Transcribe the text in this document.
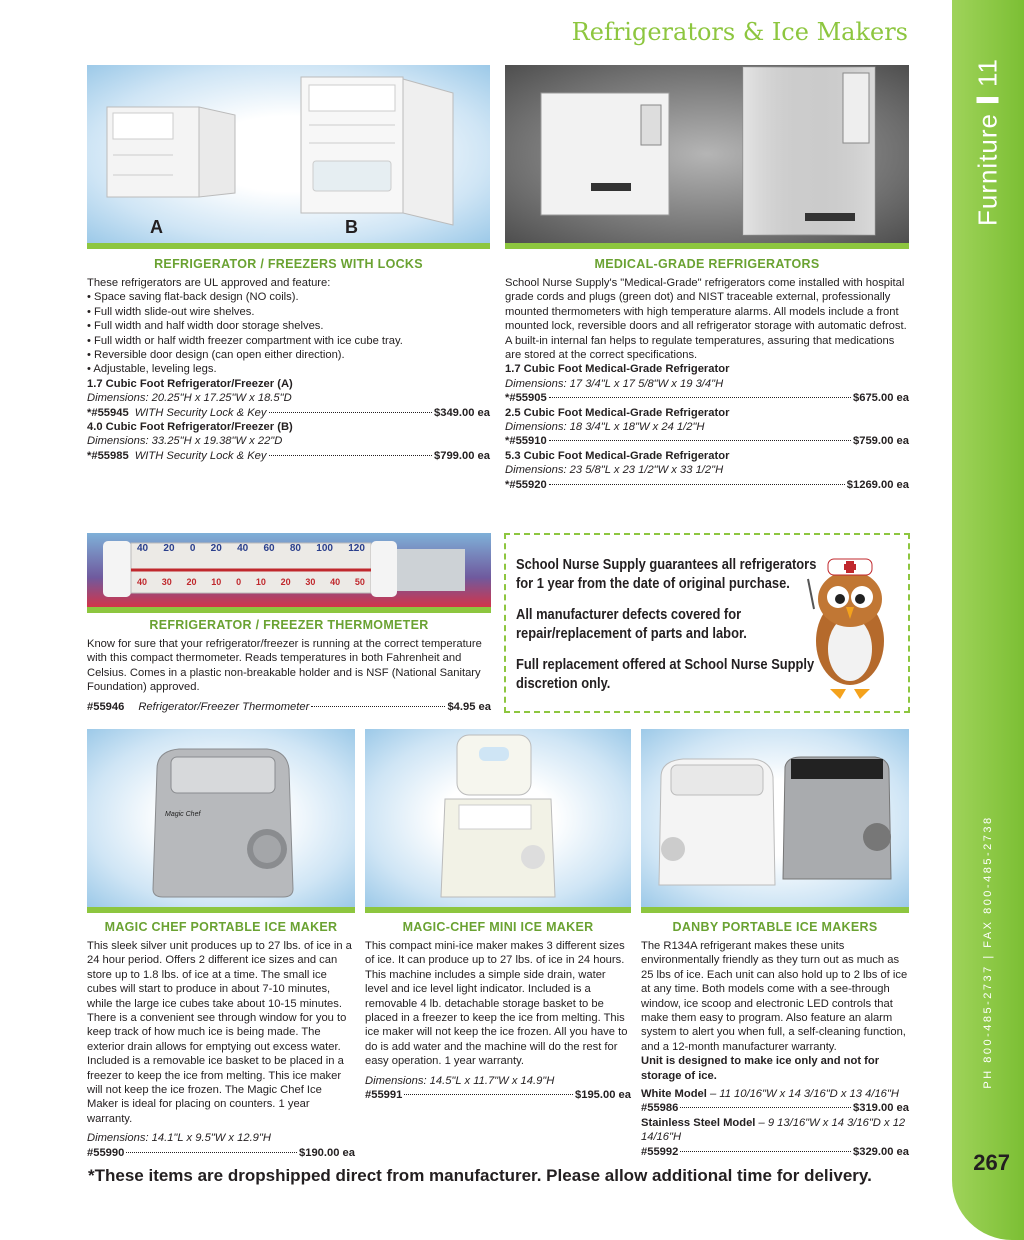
Refrigerators & Ice Makers
Furniture11
PH 800-485-2737 | FAX 800-485-2738
267
A	B
REFRIGERATOR / FREEZERS WITH LOCKS

These refrigerators are UL approved and feature:

• Space saving flat-back design (NO coils).

• Full width slide-out wire shelves.

• Full width and half width door storage shelves.

• Full width or half width freezer compartment with ice cube tray.

• Reversible door design (can open either direction).

• Adjustable, leveling legs.

1.7 Cubic Foot Refrigerator/Freezer (A)

Dimensions: 20.25"H x 17.25"W x 18.5"D

*#55945 WITH Security Lock & Key	$349.00 ea

4.0 Cubic Foot Refrigerator/Freezer (B)

Dimensions: 33.25"H x 19.38"W x 22"D

*#55985 WITH Security Lock & Key	$799.00 ea
MEDICAL-GRADE REFRIGERATORS

School Nurse Supply's "Medical-Grade" refrigerators come installed with hospital grade cords and plugs (green dot) and NIST traceable external, professionally mounted thermometers with high temperature alarms. All models include a front mounted lock, reversible doors and all refrigerator storage with automatic defrost. A built-in internal fan helps to regulate temperatures, assuring that medications are stored at the correct specifications.

1.7 Cubic Foot Medical-Grade Refrigerator

Dimensions: 17 3/4"L x 17 5/8"W x 19 3/4"H

*#55905	$675.00 ea

2.5 Cubic Foot Medical-Grade Refrigerator

Dimensions: 18 3/4"L x 18"W x 24 1/2"H

*#55910	$759.00 ea

5.3 Cubic Foot Medical-Grade Refrigerator

Dimensions: 23 5/8"L x 23 1/2"W x 33 1/2"H

*#55920	$1269.00 ea
40 20 0 20 40 60 80 100 120
40 30 20 10 0 10 20 30 40 50
REFRIGERATOR / FREEZER THERMOMETER

Know for sure that your refrigerator/freezer is running at the correct temperature with this compact thermometer. Reads temperatures in both Fahrenheit and Celsius. Comes in a plastic non-breakable holder and is NSF (National Sanitary Foundation) approved.

#55946 Refrigerator/Freezer Thermometer	$4.95 ea

School Nurse Supply guarantees all refrigerators for 1 year from the date of original purchase.

All manufacturer defects covered for repair/replacement of parts and labor.

Full replacement offered at School Nurse Supply discretion only.

Magic Chef
MAGIC CHEF PORTABLE ICE MAKER

This sleek silver unit produces up to 27 lbs. of ice in a 24 hour period. Offers 2 different ice sizes and can store up to 1.8 lbs. of ice at a time. The small ice cubes will start to produce in about 7-10 minutes, while the large ice cubes take about 10-15 minutes. There is a convenient see through window for you to keep track of how much ice is being made. The exterior drain allows for emptying out excess water. Included is a removable ice basket to be placed in a freezer to keep the ice from melting. This ice maker will not keep the ice frozen. The Magic Chef Ice Maker is ideal for placing on counters. 1 year warranty.

Dimensions: 14.1"L x 9.5"W x 12.9"H

#55990	$190.00 ea
MAGIC-CHEF MINI ICE MAKER

This compact mini-ice maker makes 3 different sizes of ice. It can produce up to 27 lbs. of ice in 24 hours. This machine includes a simple side drain, water level and ice level light indicator. Included is a removable 4 lb. detachable storage basket to be placed in a freezer to keep the ice from melting. This ice maker will not keep the ice frozen. All you have to do is add water and the machine will do the rest for easy operation. 1 year warranty.

Dimensions: 14.5"L x 11.7"W x 14.9"H

#55991	$195.00 ea
DANBY PORTABLE ICE MAKERS

The R134A refrigerant makes these units environmentally friendly as they turn out as much as 25 lbs of ice. Each unit can also hold up to 2 lbs of ice at any time. Both models come with a see-through window, ice scoop and electronic LED controls that make them easy to program. Also feature an alarm system to alert you when full, a self-cleaning function, and a 12-month manufacturer warranty.

Unit is designed to make ice only and not for storage of ice.

White Model – 11 10/16"W x 14 3/16"D x 13 4/16"H

#55986	$319.00 ea

Stainless Steel Model – 9 13/16"W x 14 3/16"D x 12 14/16"H

#55992	$329.00 ea
*These items are dropshipped direct from manufacturer. Please allow additional time for delivery.
